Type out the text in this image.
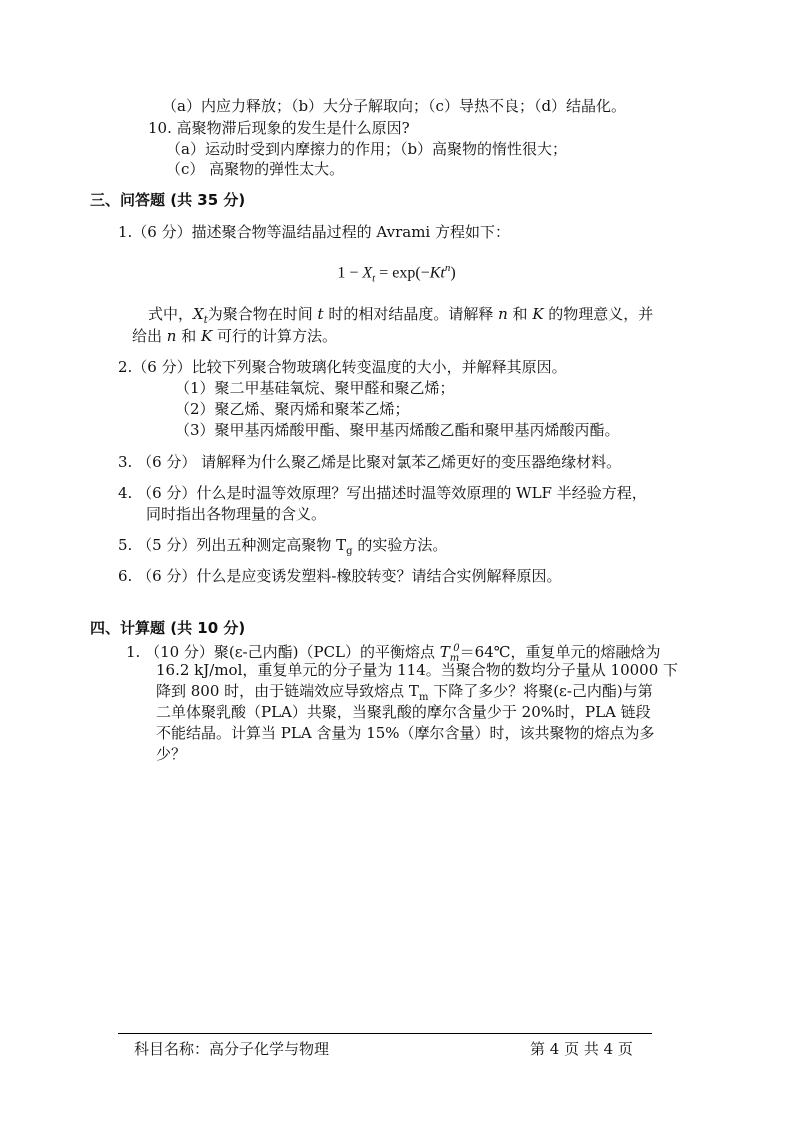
（a）内应力释放；（b）大分子解取向；（c）导热不良；（d）结晶化。
10. 高聚物滞后现象的发生是什么原因?
（a）运动时受到内摩擦力的作用；（b）高聚物的惰性很大；
（c） 高聚物的弹性太大。
三、问答题 (共 35 分)
1.（6 分）描述聚合物等温结晶过程的 Avrami 方程如下：
$1 - X_t = \exp(-Kt^n)$
式中，$X_t$为聚合物在时间 t 时的相对结晶度。请解释 n 和 K 的物理意义，并
给出 n 和 K 可行的计算方法。
2.（6 分）比较下列聚合物玻璃化转变温度的大小，并解释其原因。
（1）聚二甲基硅氧烷、聚甲醛和聚乙烯；
（2）聚乙烯、聚丙烯和聚苯乙烯；
（3）聚甲基丙烯酸甲酯、聚甲基丙烯酸乙酯和聚甲基丙烯酸丙酯。
3. （6 分） 请解释为什么聚乙烯是比聚对氯苯乙烯更好的变压器绝缘材料。
4. （6 分）什么是时温等效原理？写出描述时温等效原理的 WLF 半经验方程，
同时指出各物理量的含义。
5. （5 分）列出五种测定高聚物 $T_g$ 的实验方法。
6. （6 分）什么是应变诱发塑料-橡胶转变？请结合实例解释原因。
四、计算题 (共 10 分)
1. （10 分）聚(ε-己内酯)（PCL）的平衡熔点 $T_m^0=64℃$，重复单元的熔融焓为
16.2 kJ/mol，重复单元的分子量为 114。当聚合物的数均分子量从 10000 下
降到 800 时，由于链端效应导致熔点 $T_m$ 下降了多少？将聚(ε-己内酯)与第
二单体聚乳酸（PLA）共聚，当聚乳酸的摩尔含量少于 20%时，PLA 链段
不能结晶。计算当 PLA 含量为 15%（摩尔含量）时，该共聚物的熔点为多
少？
科目名称：高分子化学与物理	第 4 页 共 4 页
